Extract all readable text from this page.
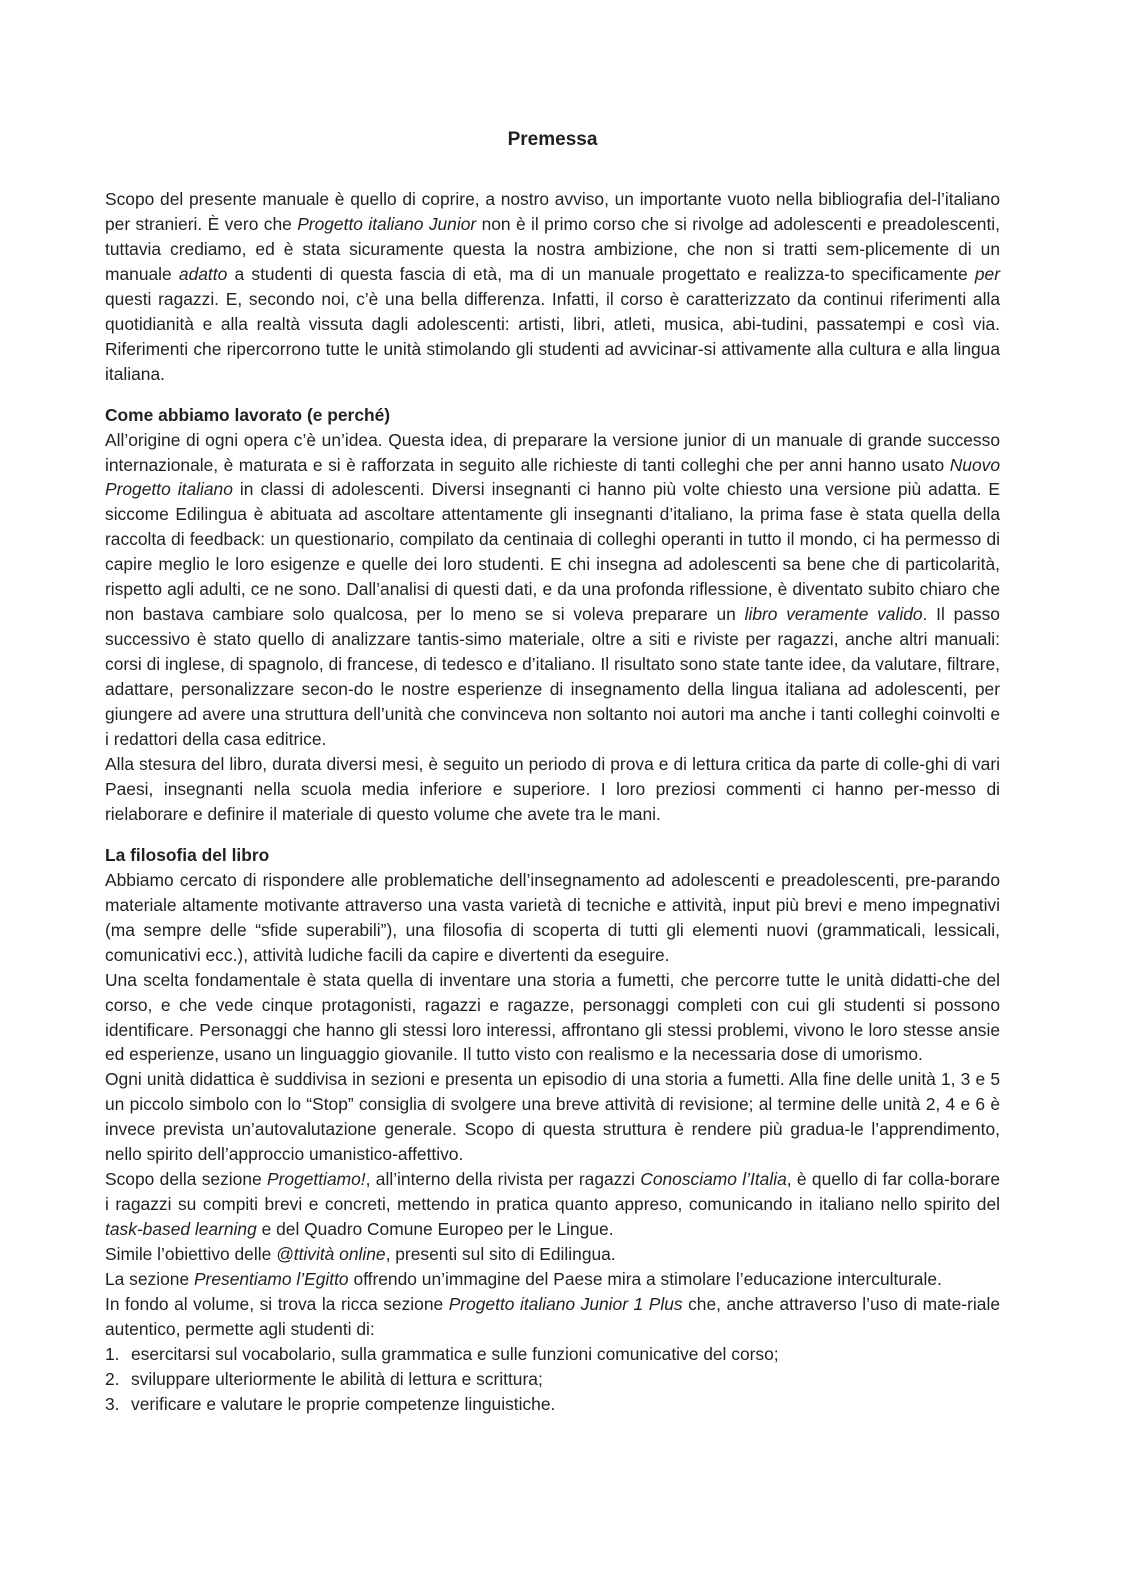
Premessa

Scopo del presente manuale è quello di coprire, a nostro avviso, un importante vuoto nella bibliografia del-l’italiano per stranieri. È vero che Progetto italiano Junior non è il primo corso che si rivolge ad adolescenti e preadolescenti, tuttavia crediamo, ed è stata sicuramente questa la nostra ambizione, che non si tratti sem-plicemente di un manuale adatto a studenti di questa fascia di età, ma di un manuale progettato e realizza-to specificamente per questi ragazzi. E, secondo noi, c’è una bella differenza. Infatti, il corso è caratterizzato da continui riferimenti alla quotidianità e alla realtà vissuta dagli adolescenti: artisti, libri, atleti, musica, abi-tudini, passatempi e così via. Riferimenti che ripercorrono tutte le unità stimolando gli studenti ad avvicinar-si attivamente alla cultura e alla lingua italiana.

Come abbiamo lavorato (e perché)

All’origine di ogni opera c’è un’idea. Questa idea, di preparare la versione junior di un manuale di grande successo internazionale, è maturata e si è rafforzata in seguito alle richieste di tanti colleghi che per anni hanno usato Nuovo Progetto italiano in classi di adolescenti. Diversi insegnanti ci hanno più volte chiesto una versione più adatta. E siccome Edilingua è abituata ad ascoltare attentamente gli insegnanti d’italiano, la prima fase è stata quella della raccolta di feedback: un questionario, compilato da centinaia di colleghi operanti in tutto il mondo, ci ha permesso di capire meglio le loro esigenze e quelle dei loro studenti. E chi insegna ad adolescenti sa bene che di particolarità, rispetto agli adulti, ce ne sono. Dall’analisi di questi dati, e da una profonda riflessione, è diventato subito chiaro che non bastava cambiare solo qualcosa, per lo meno se si voleva preparare un libro veramente valido. Il passo successivo è stato quello di analizzare tantis-simo materiale, oltre a siti e riviste per ragazzi, anche altri manuali: corsi di inglese, di spagnolo, di francese, di tedesco e d’italiano. Il risultato sono state tante idee, da valutare, filtrare, adattare, personalizzare secon-do le nostre esperienze di insegnamento della lingua italiana ad adolescenti, per giungere ad avere una struttura dell’unità che convinceva non soltanto noi autori ma anche i tanti colleghi coinvolti e i redattori della casa editrice.

Alla stesura del libro, durata diversi mesi, è seguito un periodo di prova e di lettura critica da parte di colle-ghi di vari Paesi, insegnanti nella scuola media inferiore e superiore. I loro preziosi commenti ci hanno per-messo di rielaborare e definire il materiale di questo volume che avete tra le mani.

La filosofia del libro

Abbiamo cercato di rispondere alle problematiche dell’insegnamento ad adolescenti e preadolescenti, pre-parando materiale altamente motivante attraverso una vasta varietà di tecniche e attività, input più brevi e meno impegnativi (ma sempre delle “sfide superabili”), una filosofia di scoperta di tutti gli elementi nuovi (grammaticali, lessicali, comunicativi ecc.), attività ludiche facili da capire e divertenti da eseguire.

Una scelta fondamentale è stata quella di inventare una storia a fumetti, che percorre tutte le unità didatti-che del corso, e che vede cinque protagonisti, ragazzi e ragazze, personaggi completi con cui gli studenti si possono identificare. Personaggi che hanno gli stessi loro interessi, affrontano gli stessi problemi, vivono le loro stesse ansie ed esperienze, usano un linguaggio giovanile. Il tutto visto con realismo e la necessaria dose di umorismo.

Ogni unità didattica è suddivisa in sezioni e presenta un episodio di una storia a fumetti. Alla fine delle unità 1, 3 e 5 un piccolo simbolo con lo “Stop” consiglia di svolgere una breve attività di revisione; al termine delle unità 2, 4 e 6 è invece prevista un’autovalutazione generale. Scopo di questa struttura è rendere più gradua-le l’apprendimento, nello spirito dell’approccio umanistico-affettivo.

Scopo della sezione Progettiamo!, all’interno della rivista per ragazzi Conosciamo l’Italia, è quello di far colla-borare i ragazzi su compiti brevi e concreti, mettendo in pratica quanto appreso, comunicando in italiano nello spirito del task-based learning e del Quadro Comune Europeo per le Lingue.

Simile l’obiettivo delle @ttività online, presenti sul sito di Edilingua.

La sezione Presentiamo l’Egitto offrendo un’immagine del Paese mira a stimolare l’educazione interculturale.

In fondo al volume, si trova la ricca sezione Progetto italiano Junior 1 Plus che, anche attraverso l’uso di mate-riale autentico, permette agli studenti di:

1. esercitarsi sul vocabolario, sulla grammatica e sulle funzioni comunicative del corso;
2. sviluppare ulteriormente le abilità di lettura e scrittura;
3. verificare e valutare le proprie competenze linguistiche.
